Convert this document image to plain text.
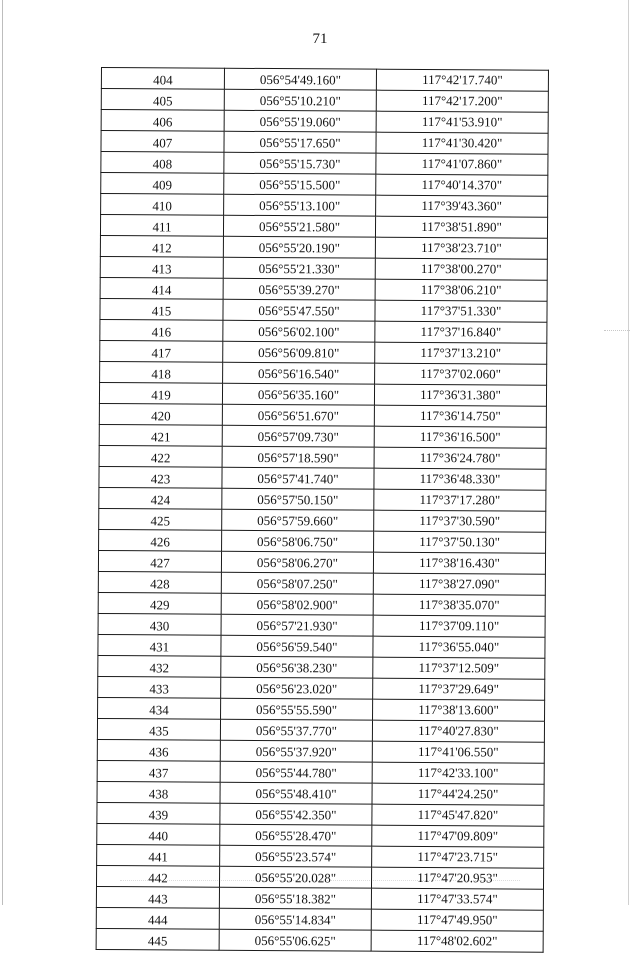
71
404	056°54'49.160"	117°42'17.740"
405	056°55'10.210"	117°42'17.200"
406	056°55'19.060"	117°41'53.910"
407	056°55'17.650"	117°41'30.420"
408	056°55'15.730"	117°41'07.860"
409	056°55'15.500"	117°40'14.370"
410	056°55'13.100"	117°39'43.360"
411	056°55'21.580"	117°38'51.890"
412	056°55'20.190"	117°38'23.710"
413	056°55'21.330"	117°38'00.270"
414	056°55'39.270"	117°38'06.210"
415	056°55'47.550"	117°37'51.330"
416	056°56'02.100"	117°37'16.840"
417	056°56'09.810"	117°37'13.210"
418	056°56'16.540"	117°37'02.060"
419	056°56'35.160"	117°36'31.380"
420	056°56'51.670"	117°36'14.750"
421	056°57'09.730"	117°36'16.500"
422	056°57'18.590"	117°36'24.780"
423	056°57'41.740"	117°36'48.330"
424	056°57'50.150"	117°37'17.280"
425	056°57'59.660"	117°37'30.590"
426	056°58'06.750"	117°37'50.130"
427	056°58'06.270"	117°38'16.430"
428	056°58'07.250"	117°38'27.090"
429	056°58'02.900"	117°38'35.070"
430	056°57'21.930"	117°37'09.110"
431	056°56'59.540"	117°36'55.040"
432	056°56'38.230"	117°37'12.509"
433	056°56'23.020"	117°37'29.649"
434	056°55'55.590"	117°38'13.600"
435	056°55'37.770"	117°40'27.830"
436	056°55'37.920"	117°41'06.550"
437	056°55'44.780"	117°42'33.100"
438	056°55'48.410"	117°44'24.250"
439	056°55'42.350"	117°45'47.820"
440	056°55'28.470"	117°47'09.809"
441	056°55'23.574"	117°47'23.715"
442	056°55'20.028"	117°47'20.953"
443	056°55'18.382"	117°47'33.574"
444	056°55'14.834"	117°47'49.950"
445	056°55'06.625"	117°48'02.602"
